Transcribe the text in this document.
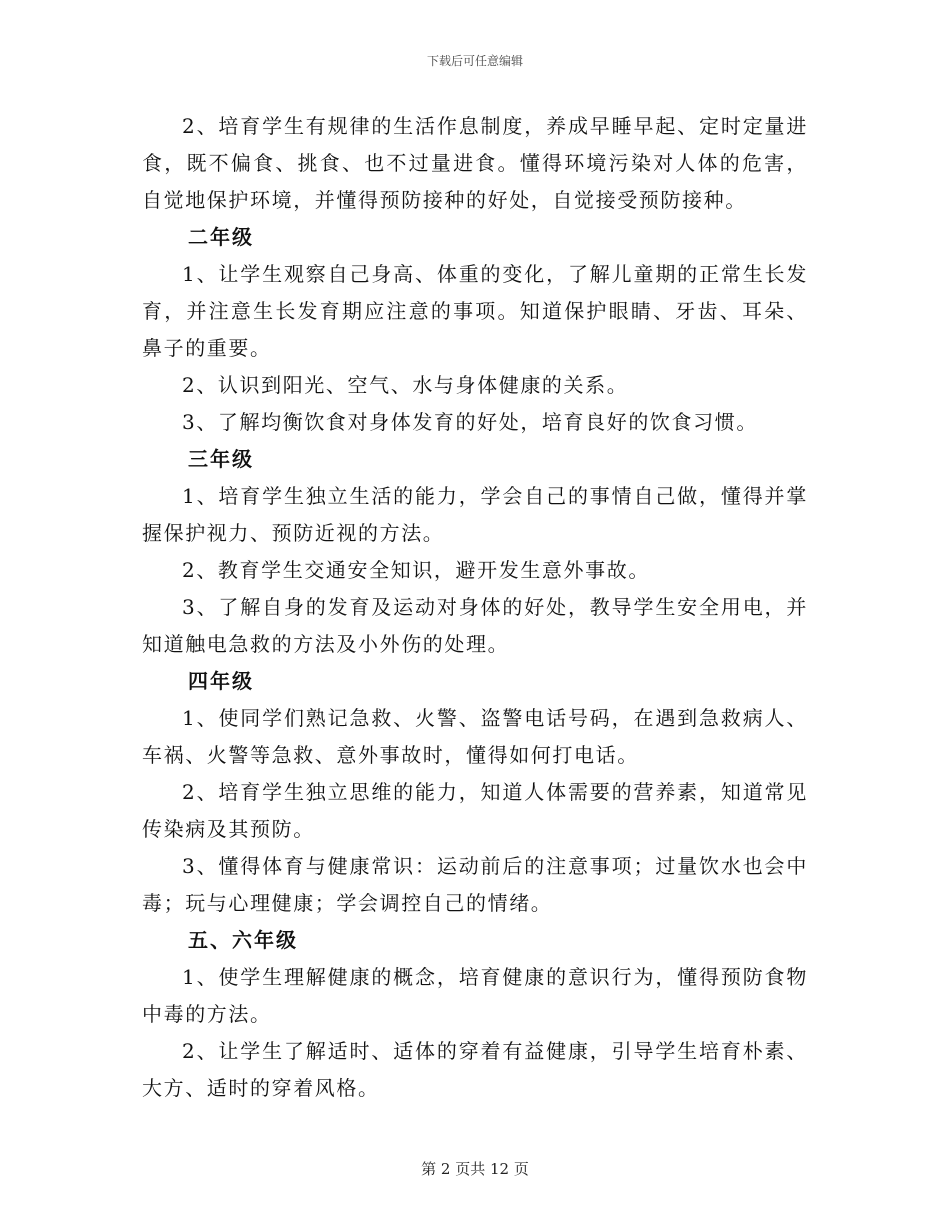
下载后可任意编辑

2、培育学生有规律的生活作息制度，养成早睡早起、定时定量进食，既不偏食、挑食、也不过量进食。懂得环境污染对人体的危害，自觉地保护环境，并懂得预防接种的好处，自觉接受预防接种。

二年级

1、让学生观察自己身高、体重的变化，了解儿童期的正常生长发育，并注意生长发育期应注意的事项。知道保护眼睛、牙齿、耳朵、鼻子的重要。

2、认识到阳光、空气、水与身体健康的关系。

3、了解均衡饮食对身体发育的好处，培育良好的饮食习惯。

三年级

1、培育学生独立生活的能力，学会自己的事情自己做，懂得并掌握保护视力、预防近视的方法。

2、教育学生交通安全知识，避开发生意外事故。

3、了解自身的发育及运动对身体的好处，教导学生安全用电，并知道触电急救的方法及小外伤的处理。

四年级

1、使同学们熟记急救、火警、盗警电话号码，在遇到急救病人、车祸、火警等急救、意外事故时，懂得如何打电话。

2、培育学生独立思维的能力，知道人体需要的营养素，知道常见传染病及其预防。

3、懂得体育与健康常识：运动前后的注意事项；过量饮水也会中毒；玩与心理健康；学会调控自己的情绪。

五、六年级

1、使学生理解健康的概念，培育健康的意识行为，懂得预防食物中毒的方法。

2、让学生了解适时、适体的穿着有益健康，引导学生培育朴素、大方、适时的穿着风格。

第 2 页共 12 页
